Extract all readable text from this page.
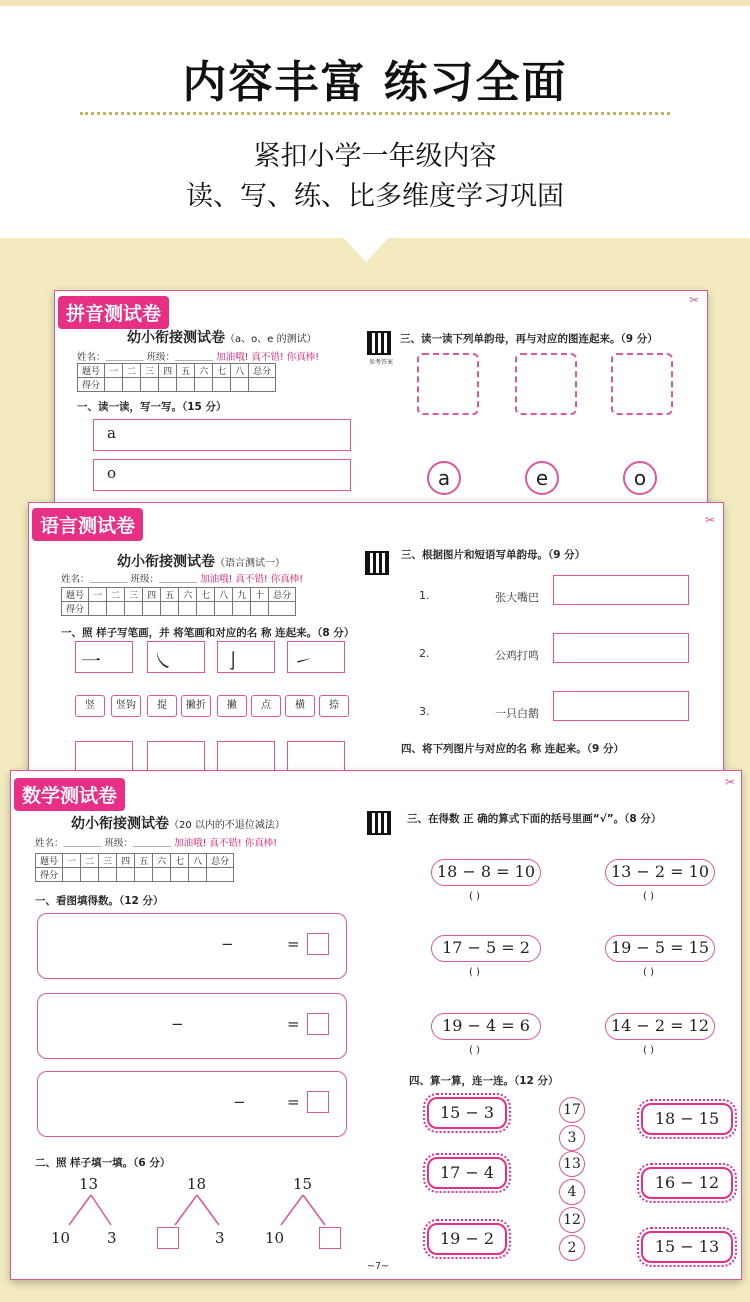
内容丰富 练习全面
紧扣小学一年级内容
读、写、练、比多维度学习巩固
拼音测试卷
✂
幼小衔接测试卷（a、o、e 的测试）
姓名：＿＿＿＿ 班级：＿＿＿＿ 加油哦! 真不错! 你真棒!
题号	一	二	三	四	五	六	七	八	总分
得分									
一、读一读，写一写。（15 分）
a
o
参考答案
三、读一读下列单韵母，再与对应的图连起来。（9 分）
a	e	o
✂
幼小衔接测试卷（语言测试一）
姓名：＿＿＿＿ 班级：＿＿＿＿ 加油哦! 真不错! 你真棒!
题号	一	二	三	四	五	六	七	八	九	十	总分
得分											
一、照 样子写笔画，并 将笔画和对应的名 称 连起来。（8 分）
一	㇏	亅	㇀
竖	竖钩	提	撇折	撇	点	横	捺
三、根据图片和短语写单韵母。（9 分）
1.	张大嘴巴
2.	公鸡打鸣
3.	一只白鹅
四、将下列图片与对应的名 称 连起来。（9 分）
语言测试卷
✂
幼小衔接测试卷（20 以内的不退位减法）
姓名：＿＿＿＿ 班级：＿＿＿＿ 加油哦! 真不错! 你真棒!
题号	一	二	三	四	五	六	七	八	总分
得分									
一、看图填得数。（12 分）
−	=
−	=
−	=
二、照 样子填一填。（6 分）
13
10 3
18
3
15
10
三、在得数 正 确的算式下面的括号里画“√”。（8 分）
18 − 8 = 10
( )
13 − 2 = 10
( )
17 − 5 = 2
( )
19 − 5 = 15
( )
19 − 4 = 6
( )
14 − 2 = 12
( )
四、算一算，连一连。（12 分）
15 − 3
17 − 4
19 − 2
17
3
13
4
12
2
18 − 15
16 − 12
15 − 13
~7~
数学测试卷
